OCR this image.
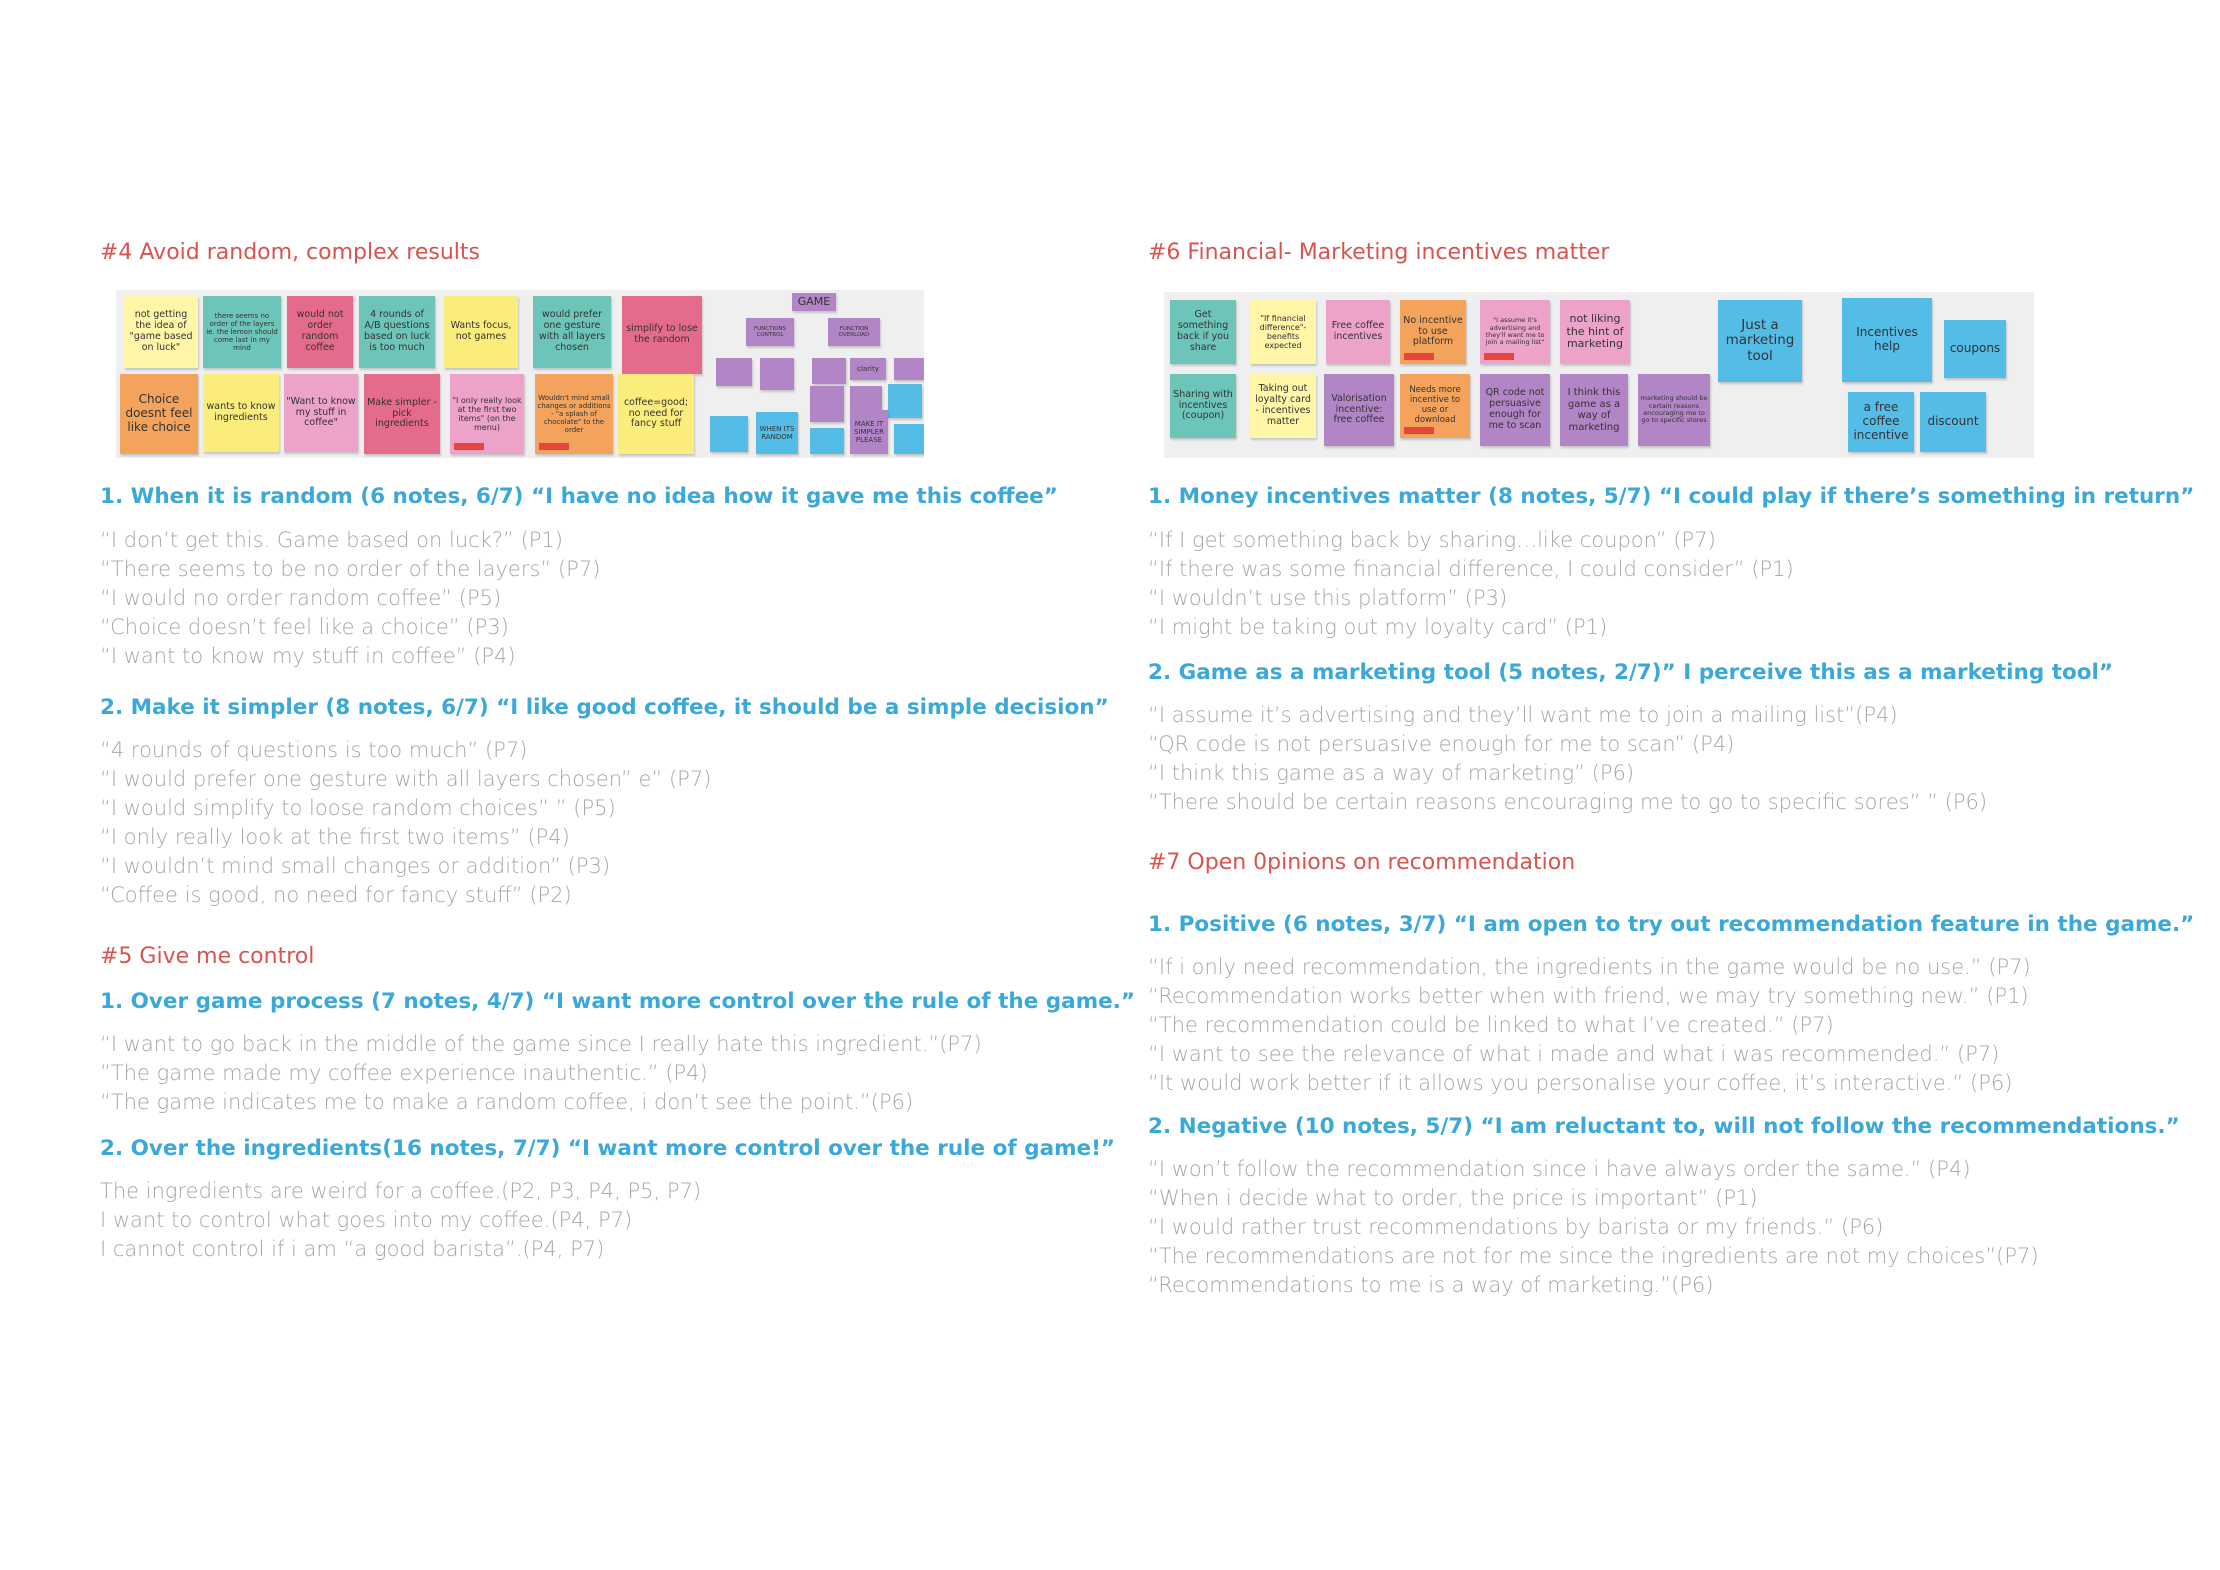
#4 Avoid random, complex results
not getting the idea of "game based on luck"
there seems no order of the layers ie. the lemon should come last in my mind
would not order random coffee
4 rounds of A/B questions based on luck is too much
Wants focus, not games
would prefer one gesture with all layers chosen
simplify to lose the random
Choice doesnt feel like choice
wants to know ingredients
"Want to know my stuff in coffee"
Make simpler - pick ingredients
"I only really look at the first two items" (on the menu)
Wouldn't mind small changes or additions - "a splash of chocolate" to the order
coffee=good; no need for fancy stuff
GAME
FUNCTIONS CONTROL
FUNCTION OVERLOAD
clarity
WHEN ITS RANDOM
MAKE IT SIMPLER PLEASE
1. When it is random (6 notes, 6/7) “I have no idea how it gave me this coffee”
“I don’t get this. Game based on luck?” (P1)
“There seems to be no order of the layers” (P7)
“I would no order random coffee” (P5)
“Choice doesn’t feel like a choice” (P3)
“I want to know my stuff in coffee” (P4)
2. Make it simpler (8 notes, 6/7) “I like good coffee, it should be a simple decision”
“4 rounds of questions is too much” (P7)
“I would prefer one gesture with all layers chosen” e” (P7)
“I would simplify to loose random choices” ” (P5)
“I only really look at the first two items” (P4)
“I wouldn’t mind small changes or addition” (P3)
“Coffee is good, no need for fancy stuff” (P2)
#5 Give me control
1. Over game process (7 notes, 4/7) “I want more control over the rule of the game.”
“I want to go back in the middle of the game since I really hate this ingredient.”(P7)
”The game made my coffee experience inauthentic.” (P4)
“The game indicates me to make a random coffee, i don’t see the point.”(P6)
2. Over the ingredients(16 notes, 7/7) “I want more control over the rule of game!”
The ingredients are weird for a coffee.(P2, P3, P4, P5, P7)
I want to control what goes into my coffee.(P4, P7)
I cannot control if i am “a good barista”.(P4, P7)
#6 Financial- Marketing incentives matter
Get something back if you share
"If financial difference"- benefits expected
Free coffee incentives
No incentive to use platform
"I assume it's advertising and they'll want me to join a mailing list"
not liking the hint of marketing
Sharing with incentives (coupon)
Taking out loyalty card - incentives matter
Valorisation incentive: free coffee
Needs more incentive to use or download
QR code not persuasive enough for me to scan
I think this game as a way of marketing
marketing should be certain reasons encouraging me to go to specific stores
Just a marketing tool
Incentives help	coupons
a free coffee incentive
discount
1. Money incentives matter (8 notes, 5/7) “I could play if there’s something in return”
“If I get something back by sharing…like coupon” (P7)
“If there was some financial difference, I could consider” (P1)
“I wouldn’t use this platform” (P3)
“I might be taking out my loyalty card” (P1)
2. Game as a marketing tool (5 notes, 2/7)” I perceive this as a marketing tool”
“I assume it’s advertising and they’ll want me to join a mailing list”(P4)
“QR code is not persuasive enough for me to scan” (P4)
“I think this game as a way of marketing” (P6)
“There should be certain reasons encouraging me to go to specific sores” ” (P6)
#7 Open 0pinions on recommendation
1. Positive (6 notes, 3/7) “I am open to try out recommendation feature in the game.”
“If i only need recommendation, the ingredients in the game would be no use.” (P7)
“Recommendation works better when with friend, we may try something new.” (P1)
“The recommendation could be linked to what I’ve created.” (P7)
“I want to see the relevance of what i made and what i was recommended.” (P7)
“It would work better if it allows you personalise your coffee, it’s interactive.” (P6)
2. Negative (10 notes, 5/7) “I am reluctant to, will not follow the recommendations.”
“I won’t follow the recommendation since i have always order the same.” (P4)
“When i decide what to order, the price is important” (P1)
“I would rather trust recommendations by barista or my friends.” (P6)
“The recommendations are not for me since the ingredients are not my choices”(P7)
“Recommendations to me is a way of marketing.”(P6)
